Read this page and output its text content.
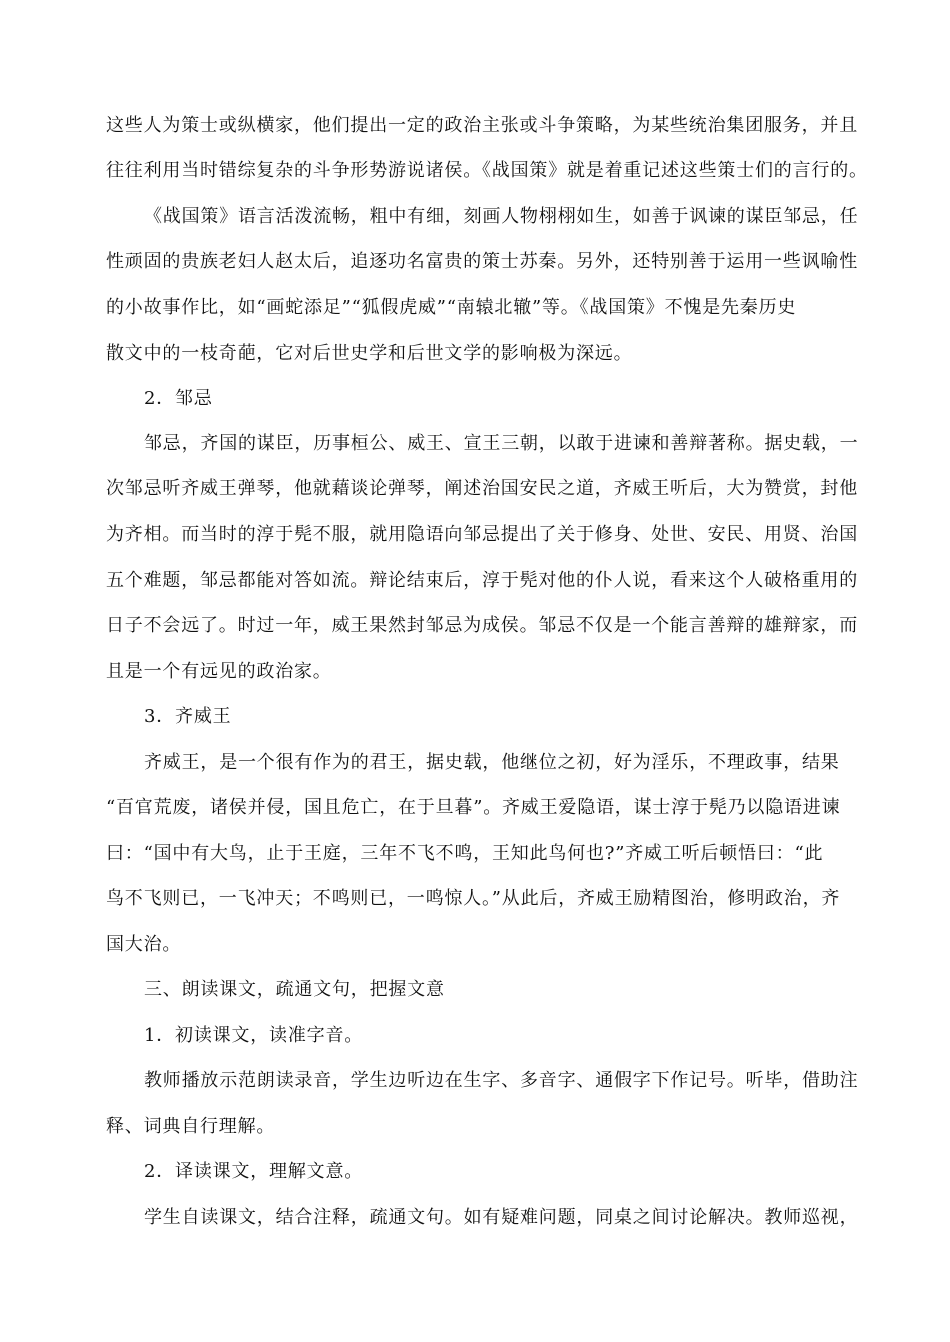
这些人为策士或纵横家，他们提出一定的政治主张或斗争策略，为某些统治集团服务，并且
往往利用当时错综复杂的斗争形势游说诸侯。《战国策》就是着重记述这些策士们的言行的。
《战国策》语言活泼流畅，粗中有细，刻画人物栩栩如生，如善于讽谏的谋臣邹忌，任
性顽固的贵族老妇人赵太后，追逐功名富贵的策士苏秦。另外，还特别善于运用一些讽喻性
的小故事作比，如“画蛇添足”“狐假虎威”“南辕北辙”等。《战国策》不愧是先秦历史
散文中的一枝奇葩，它对后世史学和后世文学的影响极为深远。
2．邹忌
邹忌，齐国的谋臣，历事桓公、威王、宣王三朝，以敢于进谏和善辩著称。据史载，一
次邹忌听齐威王弹琴，他就藉谈论弹琴，阐述治国安民之道，齐威王听后，大为赞赏，封他
为齐相。而当时的淳于髡不服，就用隐语向邹忌提出了关于修身、处世、安民、用贤、治国
五个难题，邹忌都能对答如流。辩论结束后，淳于髡对他的仆人说，看来这个人破格重用的
日子不会远了。时过一年，威王果然封邹忌为成侯。邹忌不仅是一个能言善辩的雄辩家，而
且是一个有远见的政治家。
3．齐威王
齐威王，是一个很有作为的君王，据史载，他继位之初，好为淫乐，不理政事，结果
“百官荒废，诸侯并侵，国且危亡，在于旦暮”。齐威王爱隐语，谋士淳于髡乃以隐语进谏
曰：“国中有大鸟，止于王庭，三年不飞不鸣，王知此鸟何也?”齐威工听后顿悟曰：“此
鸟不飞则已，一飞冲天；不鸣则已，一鸣惊人。”从此后，齐威王励精图治，修明政治，齐
国大治。
三、朗读课文，疏通文句，把握文意
1．初读课文，读准字音。
教师播放示范朗读录音，学生边听边在生字、多音字、通假字下作记号。听毕，借助注
释、词典自行理解。
2．译读课文，理解文意。
学生自读课文，结合注释，疏通文句。如有疑难问题，同桌之间讨论解决。教师巡视，
